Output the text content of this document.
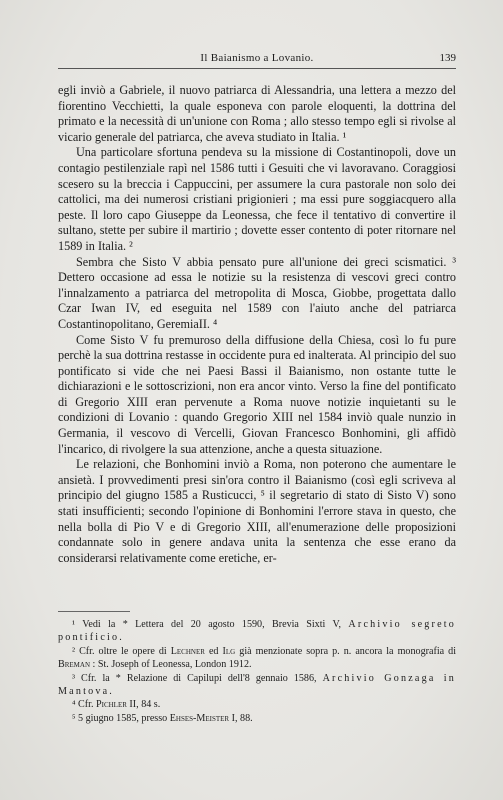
Il Baianismo a Lovanio.	139

egli inviò a Gabriele, il nuovo patriarca di Alessandria, una lettera a mezzo del fiorentino Vecchietti, la quale esponeva con parole eloquenti, la dottrina del primato e la necessità di un'unione con Roma ; allo stesso tempo egli si rivolse al vicario generale del patriarca, che aveva studiato in Italia. ¹

Una particolare sfortuna pendeva su la missione di Costantinopoli, dove un contagio pestilenziale rapì nel 1586 tutti i Gesuiti che vi lavoravano. Coraggiosi scesero su la breccia i Cappuccini, per assumere la cura pastorale non solo dei cattolici, ma dei numerosi cristiani prigionieri ; ma essi pure soggiacquero alla peste. Il loro capo Giuseppe da Leonessa, che fece il tentativo di convertire il sultano, stette per subire il martirio ; dovette esser contento di poter ritornare nel 1589 in Italia. ²

Sembra che Sisto V abbia pensato pure all'unione dei greci scismatici. ³ Dettero occasione ad essa le notizie su la resistenza di vescovi greci contro l'innalzamento a patriarca del metropolita di Mosca, Giobbe, progettata dallo Czar Iwan IV, ed eseguita nel 1589 con l'aiuto anche del patriarca Costantinopolitano, GeremiaII. ⁴

Come Sisto V fu premuroso della diffusione della Chiesa, così lo fu pure perchè la sua dottrina restasse in occidente pura ed inalterata. Al principio del suo pontificato si vide che nei Paesi Bassi il Baianismo, non ostante tutte le dichiarazioni e le sottoscrizioni, non era ancor vinto. Verso la fine del pontificato di Gregorio XIII eran pervenute a Roma nuove notizie inquietanti su le condizioni di Lovanio : quando Gregorio XIII nel 1584 inviò quale nunzio in Germania, il vescovo di Vercelli, Giovan Francesco Bonhomini, gli affidò l'incarico, di rivolgere la sua attenzione, anche a questa situazione.

Le relazioni, che Bonhomini inviò a Roma, non poterono che aumentare le ansietà. I provvedimenti presi sin'ora contro il Baianismo (così egli scriveva al principio del giugno 1585 a Rusticucci, ⁵ il segretario di stato di Sisto V) sono stati insufficienti; secondo l'opinione di Bonhomini l'errore stava in questo, che nella bolla di Pio V e di Gregorio XIII, all'enumerazione delle proposizioni condannate solo in genere andava unita la sentenza che esse erano da considerarsi relativamente come eretiche, er-

¹ Vedi la * Lettera del 20 agosto 1590, Brevia Sixti V, Archivio segreto pontificio.

² Cfr. oltre le opere di Lechner ed Ilg già menzionate sopra p. n. ancora la monografia di Breman : St. Joseph of Leonessa, London 1912.

³ Cfr. la * Relazione di Capilupi dell'8 gennaio 1586, Archivio Gonzaga in Mantova.

⁴ Cfr. Pichler II, 84 s.

⁵ 5 giugno 1585, presso Ehses-Meister I, 88.
